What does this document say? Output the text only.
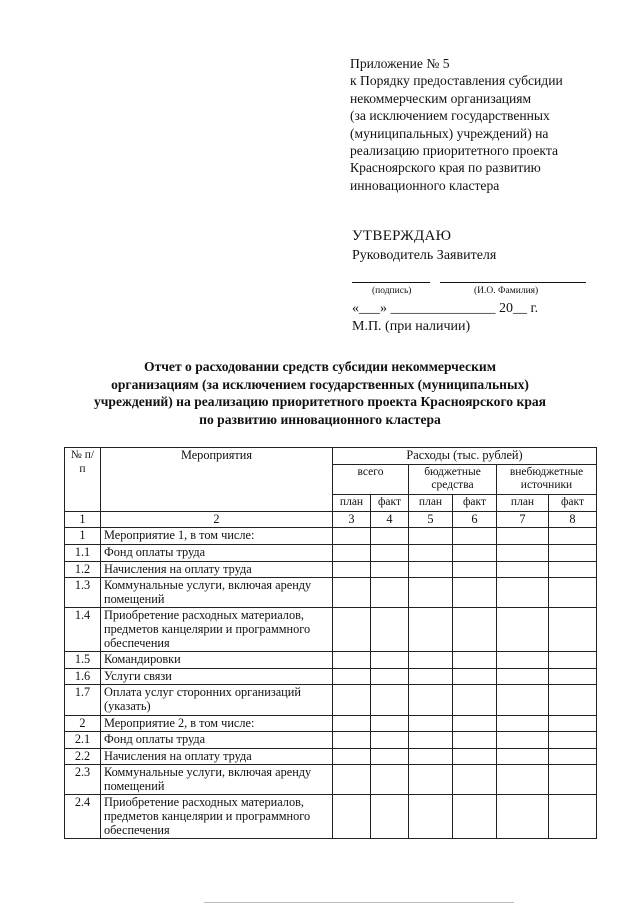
Приложение № 5
к Порядку предоставления субсидии
некоммерческим организациям
(за исключением государственных
(муниципальных) учреждений) на
реализацию приоритетного проекта
Красноярского края по развитию
инновационного кластера
УТВЕРЖДАЮ
Руководитель Заявителя
(подпись)	(И.О. Фамилия)
«___» _______________ 20__ г.
М.П. (при наличии)
Отчет о расходовании средств субсидии некоммерческим
организациям (за исключением государственных (муниципальных)
учреждений) на реализацию приоритетного проекта Красноярского края
по развитию инновационного кластера
№ п/п	Мероприятия	Расходы (тыс. рублей)					
		всего		бюджетные средства		внебюджетные источники	
		план	факт	план	факт	план	факт
1	2	3	4	5	6	7	8
1	Мероприятие 1, в том числе:						
1.1	Фонд оплаты труда						
1.2	Начисления на оплату труда						
1.3	Коммунальные услуги, включая аренду помещений						
1.4	Приобретение расходных материалов, предметов канцелярии и программного обеспечения						
1.5	Командировки						
1.6	Услуги связи						
1.7	Оплата услуг сторонних организаций (указать)						
2	Мероприятие 2, в том числе:						
2.1	Фонд оплаты труда						
2.2	Начисления на оплату труда						
2.3	Коммунальные услуги, включая аренду помещений						
2.4	Приобретение расходных материалов, предметов канцелярии и программного обеспечения						
